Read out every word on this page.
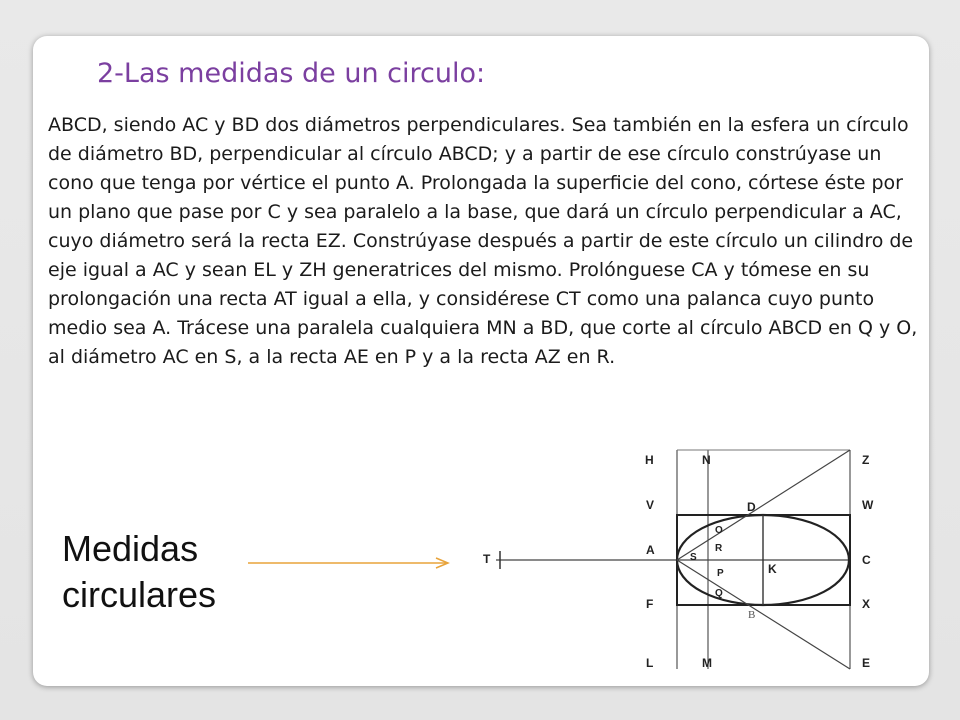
2-Las medidas de un circulo:

ABCD, siendo AC y BD dos diámetros perpendiculares. Sea también en la esfera un círculo de diámetro BD, perpendicular al círculo ABCD; y a partir de ese círculo constrúyase un cono que tenga por vértice el punto A. Prolongada la superficie del cono, córtese éste por un plano que pase por C y sea paralelo a la base, que dará un círculo perpendicular a AC, cuyo diámetro será la recta EZ. Constrúyase después a partir de este círculo un cilindro de eje igual a AC y sean EL y ZH generatrices del mismo. Prolónguese CA y tómese en su prolongación una recta AT igual a ella, y considérese CT como una palanca cuyo punto medio sea A. Trácese una paralela cualquiera MN a BD, que corte al círculo ABCD en Q y O, al diámetro AC en S, a la recta AE en P y a la recta AZ en R.

Medidas
circulares
H	N	Z
V	D	W
T
A
S
O
R
K
C
P
Q
F
B
X
L	M	E
